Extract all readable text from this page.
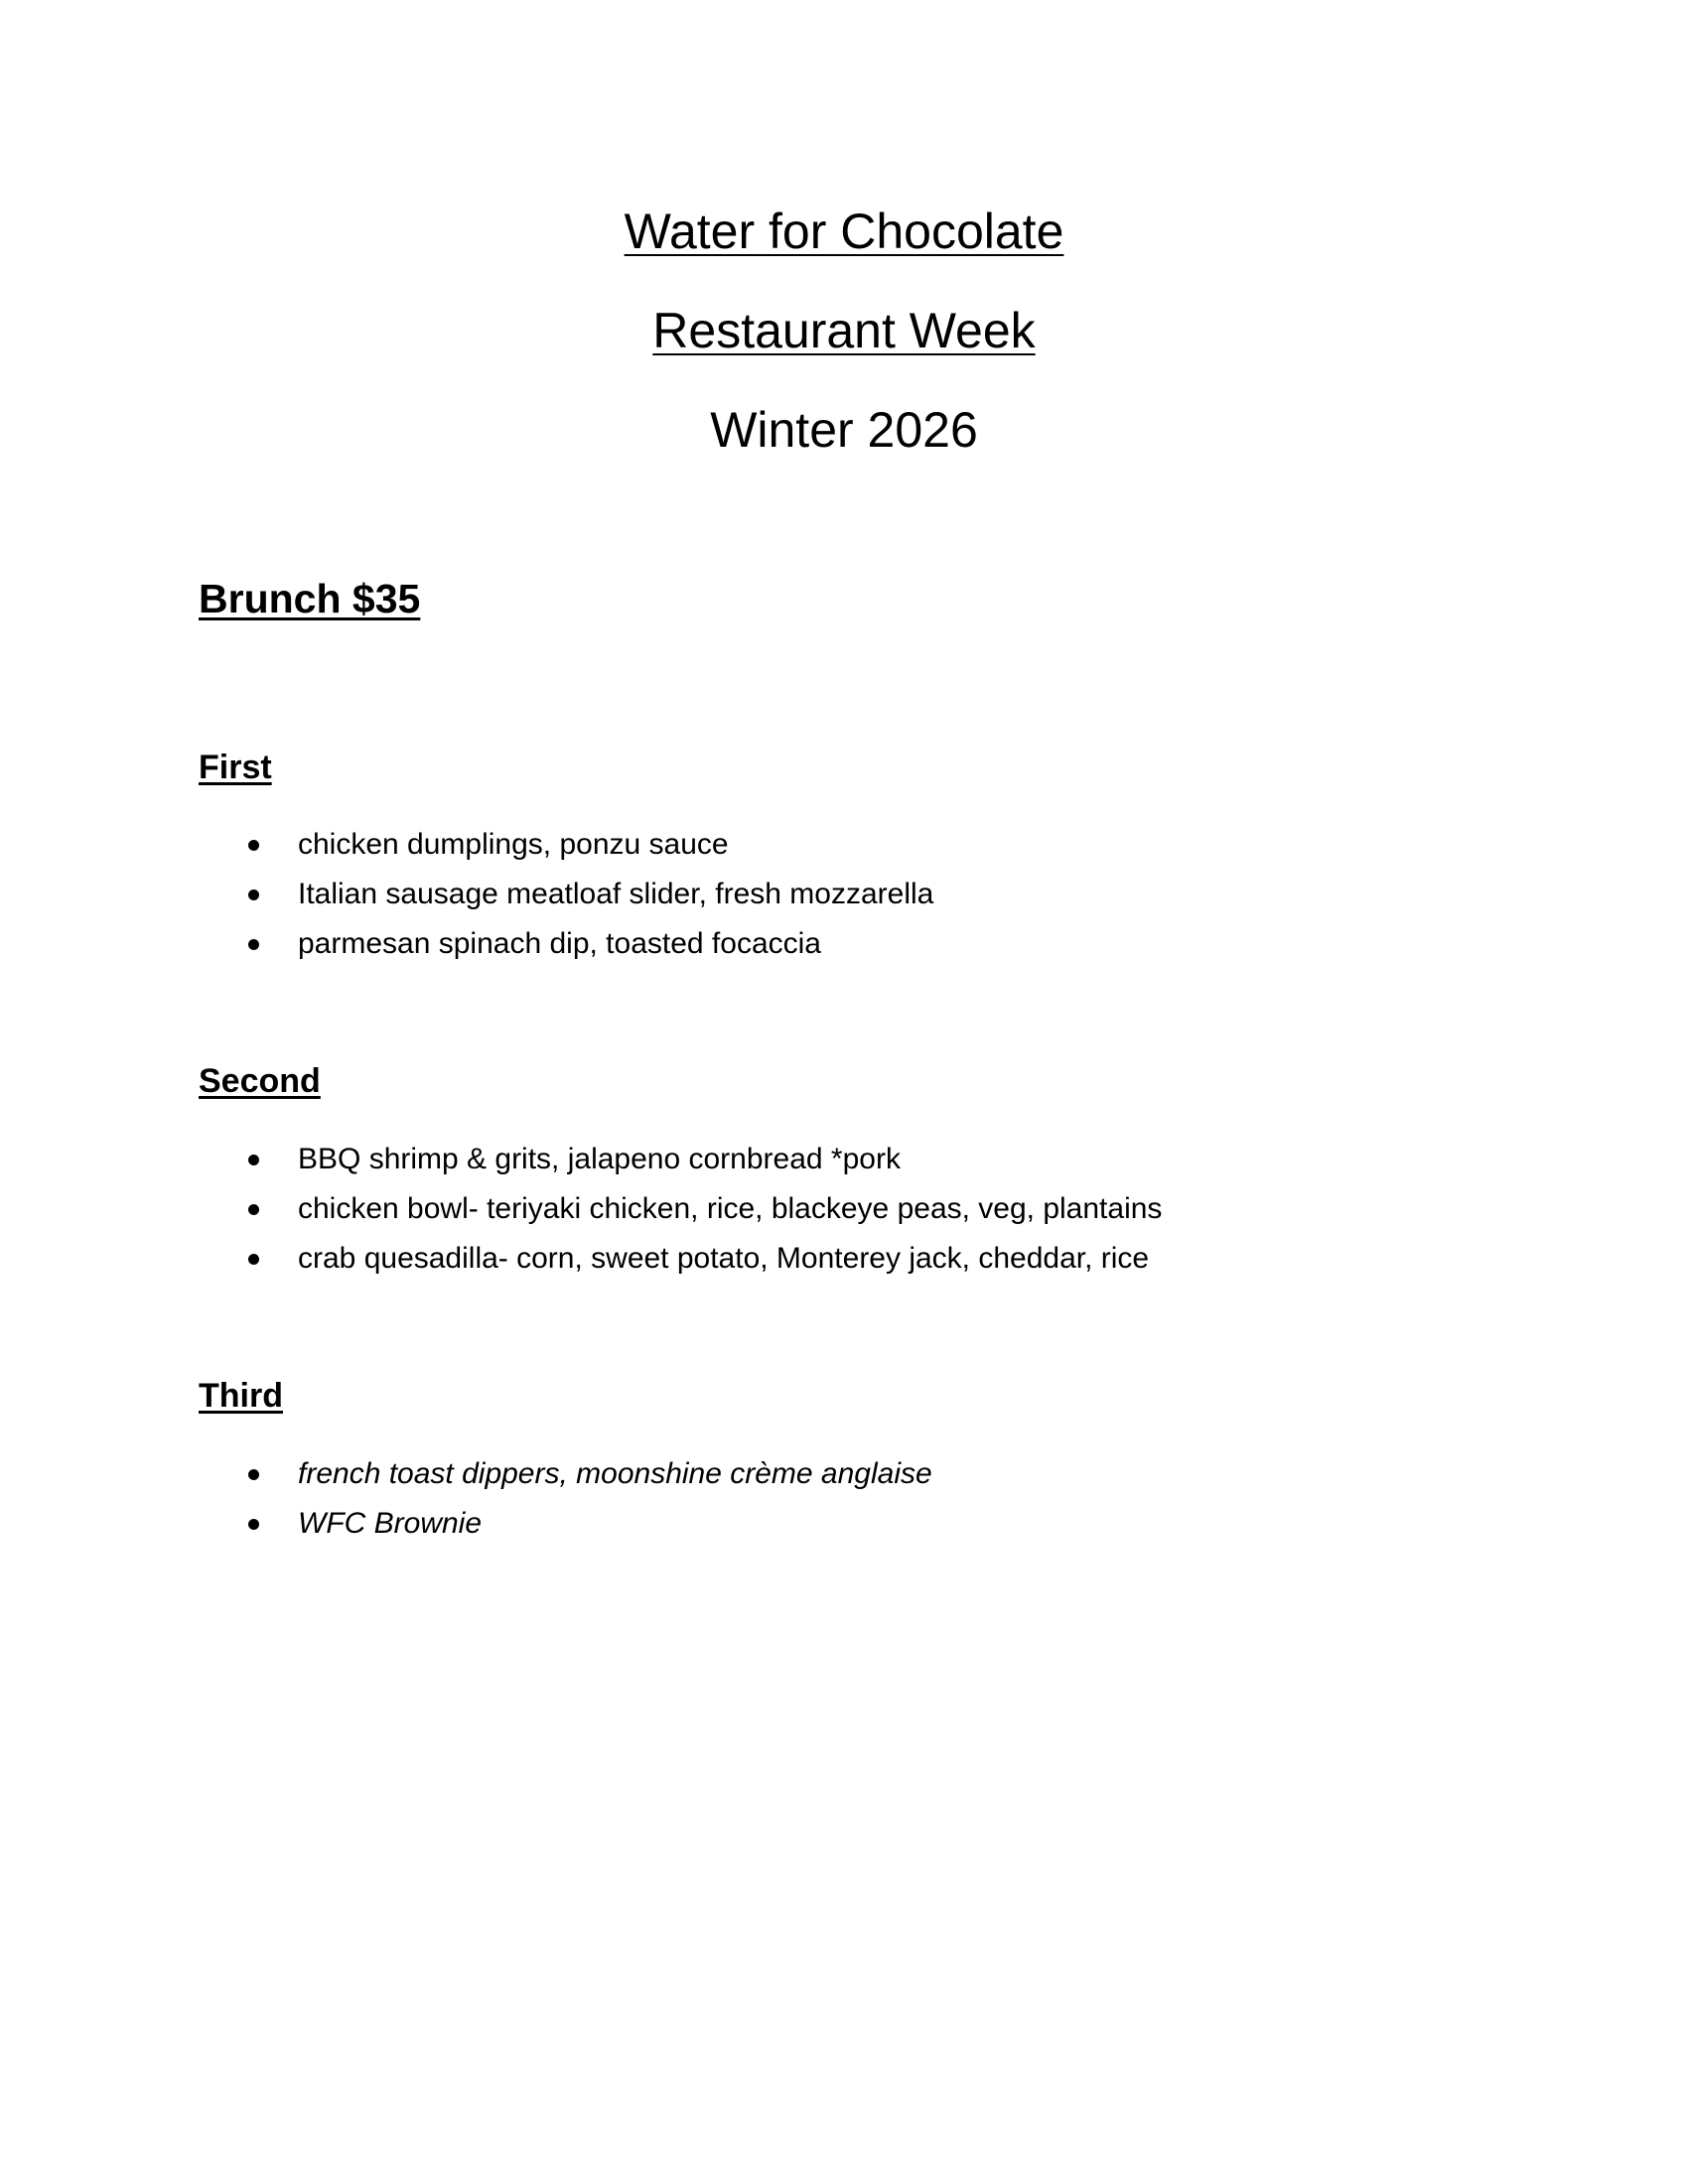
Water for Chocolate
Restaurant Week
Winter 2026
Brunch $35
First
chicken dumplings, ponzu sauce
Italian sausage meatloaf slider, fresh mozzarella
parmesan spinach dip, toasted focaccia
Second
BBQ shrimp & grits, jalapeno cornbread *pork
chicken bowl- teriyaki chicken, rice, blackeye peas, veg, plantains
crab quesadilla- corn, sweet potato, Monterey jack, cheddar, rice
Third
french toast dippers, moonshine crème anglaise
WFC Brownie
